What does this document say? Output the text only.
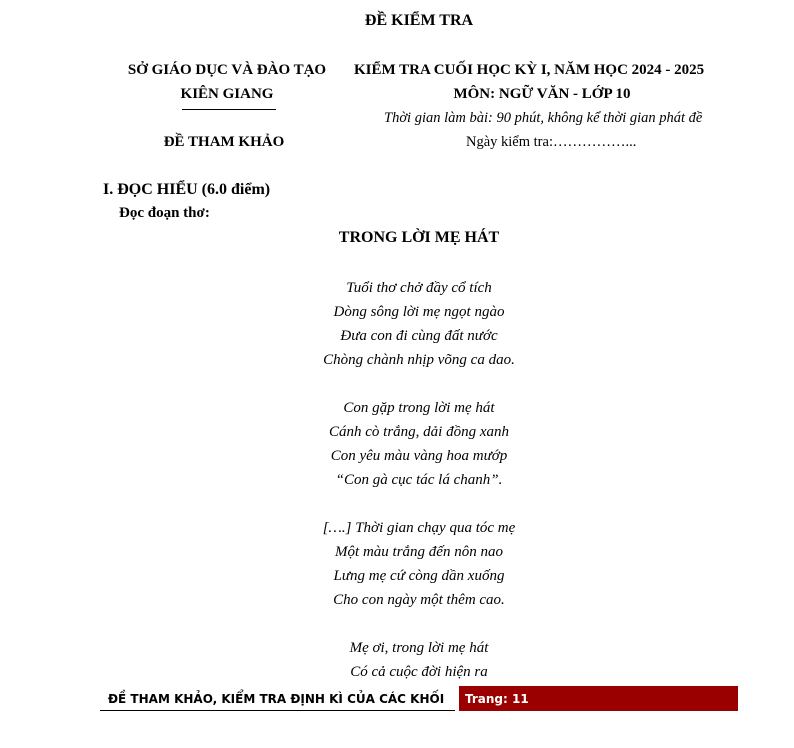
ĐỀ KIỂM TRA
SỞ GIÁO DỤC VÀ ĐÀO TẠO
KIÊN GIANG
ĐỀ THAM KHẢO
KIỂM TRA CUỐI HỌC KỲ I, NĂM HỌC 2024 - 2025
MÔN: NGỮ VĂN - LỚP 10
Thời gian làm bài: 90 phút, không kể thời gian phát đề
Ngày kiểm tra:……………...
I. ĐỌC HIỂU (6.0 điểm)
Đọc đoạn thơ:
TRONG LỜI MẸ HÁT
Tuổi thơ chở đầy cổ tích
Dòng sông lời mẹ ngọt ngào
Đưa con đi cùng đất nước
Chòng chành nhịp võng ca dao.
Con gặp trong lời mẹ hát
Cánh cò trắng, dải đồng xanh
Con yêu màu vàng hoa mướp
“Con gà cục tác lá chanh”.
[….] Thời gian chạy qua tóc mẹ
Một màu trắng đến nôn nao
Lưng mẹ cứ còng dần xuống
Cho con ngày một thêm cao.
Mẹ ơi, trong lời mẹ hát
Có cả cuộc đời hiện ra
ĐỀ THAM KHẢO, KIỂM TRA ĐỊNH KÌ CỦA CÁC KHỐI Trang: 11
